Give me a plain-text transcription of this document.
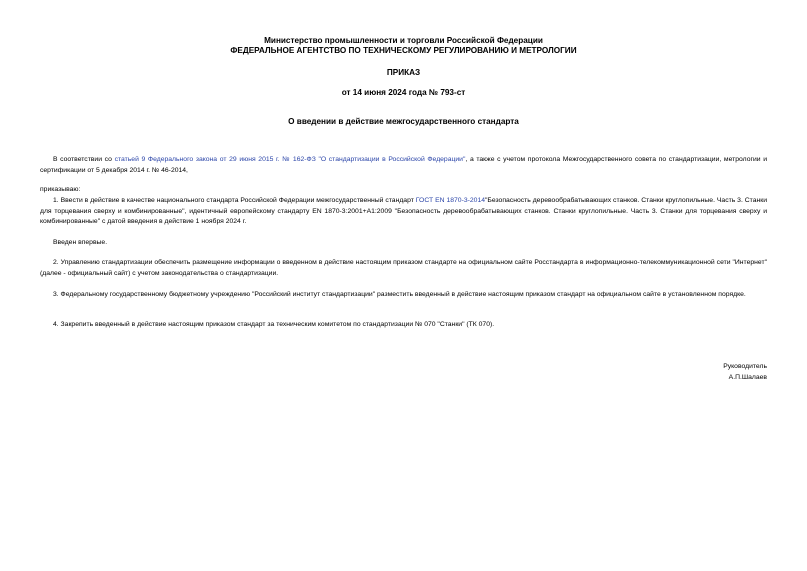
Министерство промышленности и торговли Российской Федерации
ФЕДЕРАЛЬНОЕ АГЕНТСТВО ПО ТЕХНИЧЕСКОМУ РЕГУЛИРОВАНИЮ И МЕТРОЛОГИИ
ПРИКАЗ
от 14 июня 2024 года № 793-ст
О введении в действие межгосударственного стандарта
В соответствии со статьей 9 Федерального закона от 29 июня 2015 г. № 162-ФЗ "О стандартизации в Российской Федерации", а также с учетом протокола Межгосударственного совета по стандартизации, метрологии и сертификации от 5 декабря 2014 г. № 46-2014,
приказываю:
1. Ввести в действие в качестве национального стандарта Российской Федерации межгосударственный стандарт ГОСТ EN 1870-3-2014"Безопасность деревообрабатывающих станков. Станки круглопильные. Часть 3. Станки для торцевания сверху и комбинированные", идентичный европейскому стандарту EN 1870-3:2001+A1:2009 "Безопасность деревообрабатывающих станков. Станки круглопильные. Часть 3. Станки для торцевания сверху и комбинированные" с датой введения в действие 1 ноября 2024 г.
Введен впервые.
2. Управлению стандартизации обеспечить размещение информации о введенном в действие настоящим приказом стандарте на официальном сайте Росстандарта в информационно-телекоммуникационной сети "Интернет" (далее - официальный сайт) с учетом законодательства о стандартизации.
3. Федеральному государственному бюджетному учреждению "Российский институт стандартизации" разместить введенный в действие настоящим приказом стандарт на официальном сайте в установленном порядке.
4. Закрепить введенный в действие настоящим приказом стандарт за техническим комитетом по стандартизации № 070 "Станки" (ТК 070).
Руководитель
А.П.Шалаев
